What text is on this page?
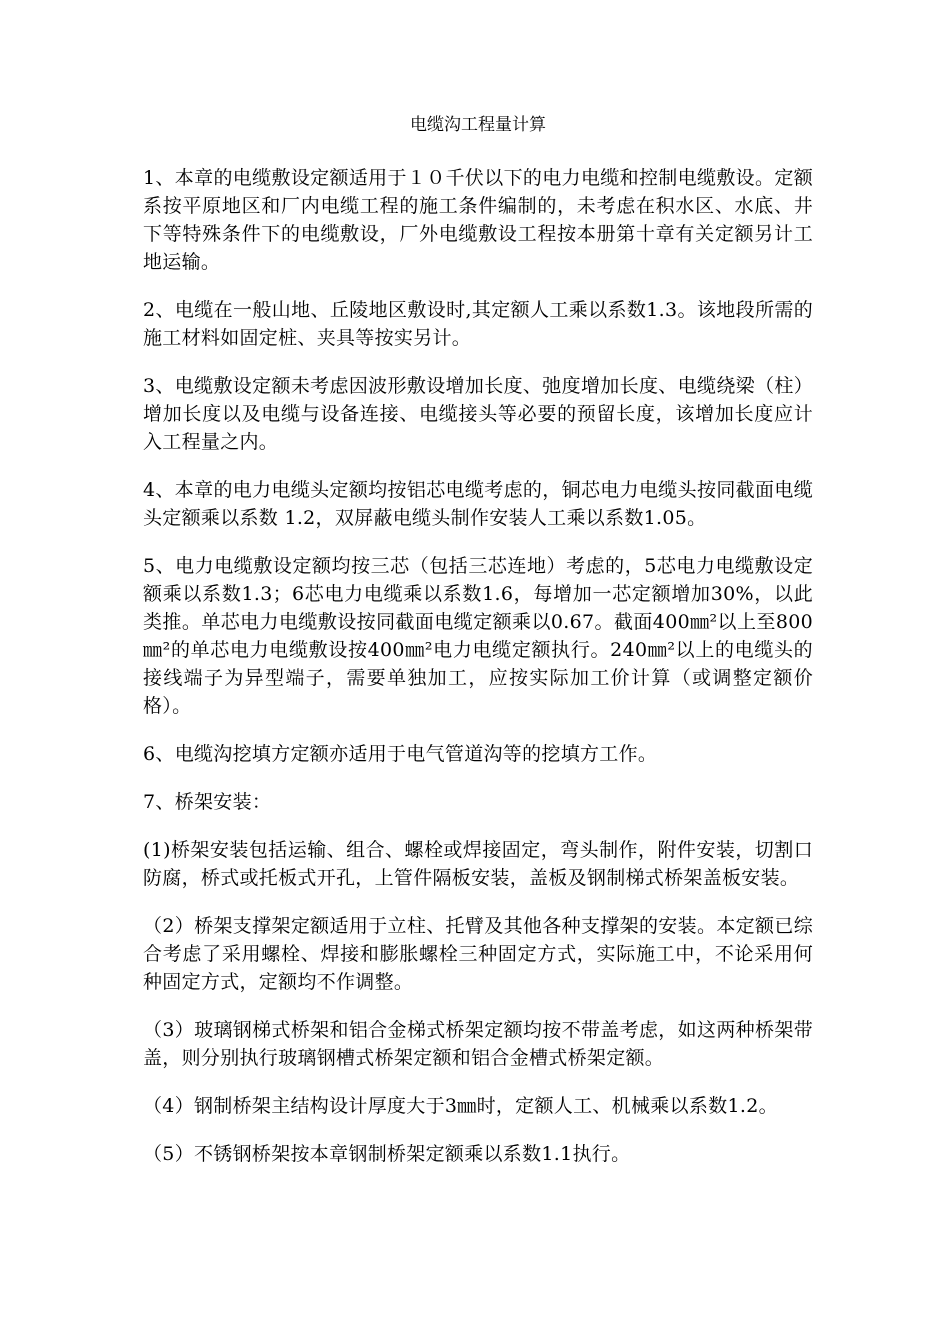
电缆沟工程量计算

1、本章的电缆敷设定额适用于１０千伏以下的电力电缆和控制电缆敷设。定额系按平原地区和厂内电缆工程的施工条件编制的，未考虑在积水区、水底、井下等特殊条件下的电缆敷设，厂外电缆敷设工程按本册第十章有关定额另计工地运输。

2、电缆在一般山地、丘陵地区敷设时,其定额人工乘以系数1.3。该地段所需的施工材料如固定桩、夹具等按实另计。

3、电缆敷设定额未考虑因波形敷设增加长度、弛度增加长度、电缆绕梁（柱）增加长度以及电缆与设备连接、电缆接头等必要的预留长度，该增加长度应计入工程量之内。

4、本章的电力电缆头定额均按铝芯电缆考虑的，铜芯电力电缆头按同截面电缆头定额乘以系数 1.2，双屏蔽电缆头制作安装人工乘以系数1.05。

5、电力电缆敷设定额均按三芯（包括三芯连地）考虑的，5芯电力电缆敷设定额乘以系数1.3；6芯电力电缆乘以系数1.6，每增加一芯定额增加30%，以此类推。单芯电力电缆敷设按同截面电缆定额乘以0.67。截面400㎜²以上至800㎜²的单芯电力电缆敷设按400㎜²电力电缆定额执行。240㎜²以上的电缆头的接线端子为异型端子，需要单独加工，应按实际加工价计算（或调整定额价格）。

6、电缆沟挖填方定额亦适用于电气管道沟等的挖填方工作。

7、桥架安装：

(1)桥架安装包括运输、组合、螺栓或焊接固定，弯头制作，附件安装，切割口防腐，桥式或托板式开孔，上管件隔板安装，盖板及钢制梯式桥架盖板安装。

（2）桥架支撑架定额适用于立柱、托臂及其他各种支撑架的安装。本定额已综合考虑了采用螺栓、焊接和膨胀螺栓三种固定方式，实际施工中，不论采用何种固定方式，定额均不作调整。

（3）玻璃钢梯式桥架和铝合金梯式桥架定额均按不带盖考虑，如这两种桥架带盖，则分别执行玻璃钢槽式桥架定额和铝合金槽式桥架定额。

（4）钢制桥架主结构设计厚度大于3㎜时，定额人工、机械乘以系数1.2。

（5）不锈钢桥架按本章钢制桥架定额乘以系数1.1执行。
